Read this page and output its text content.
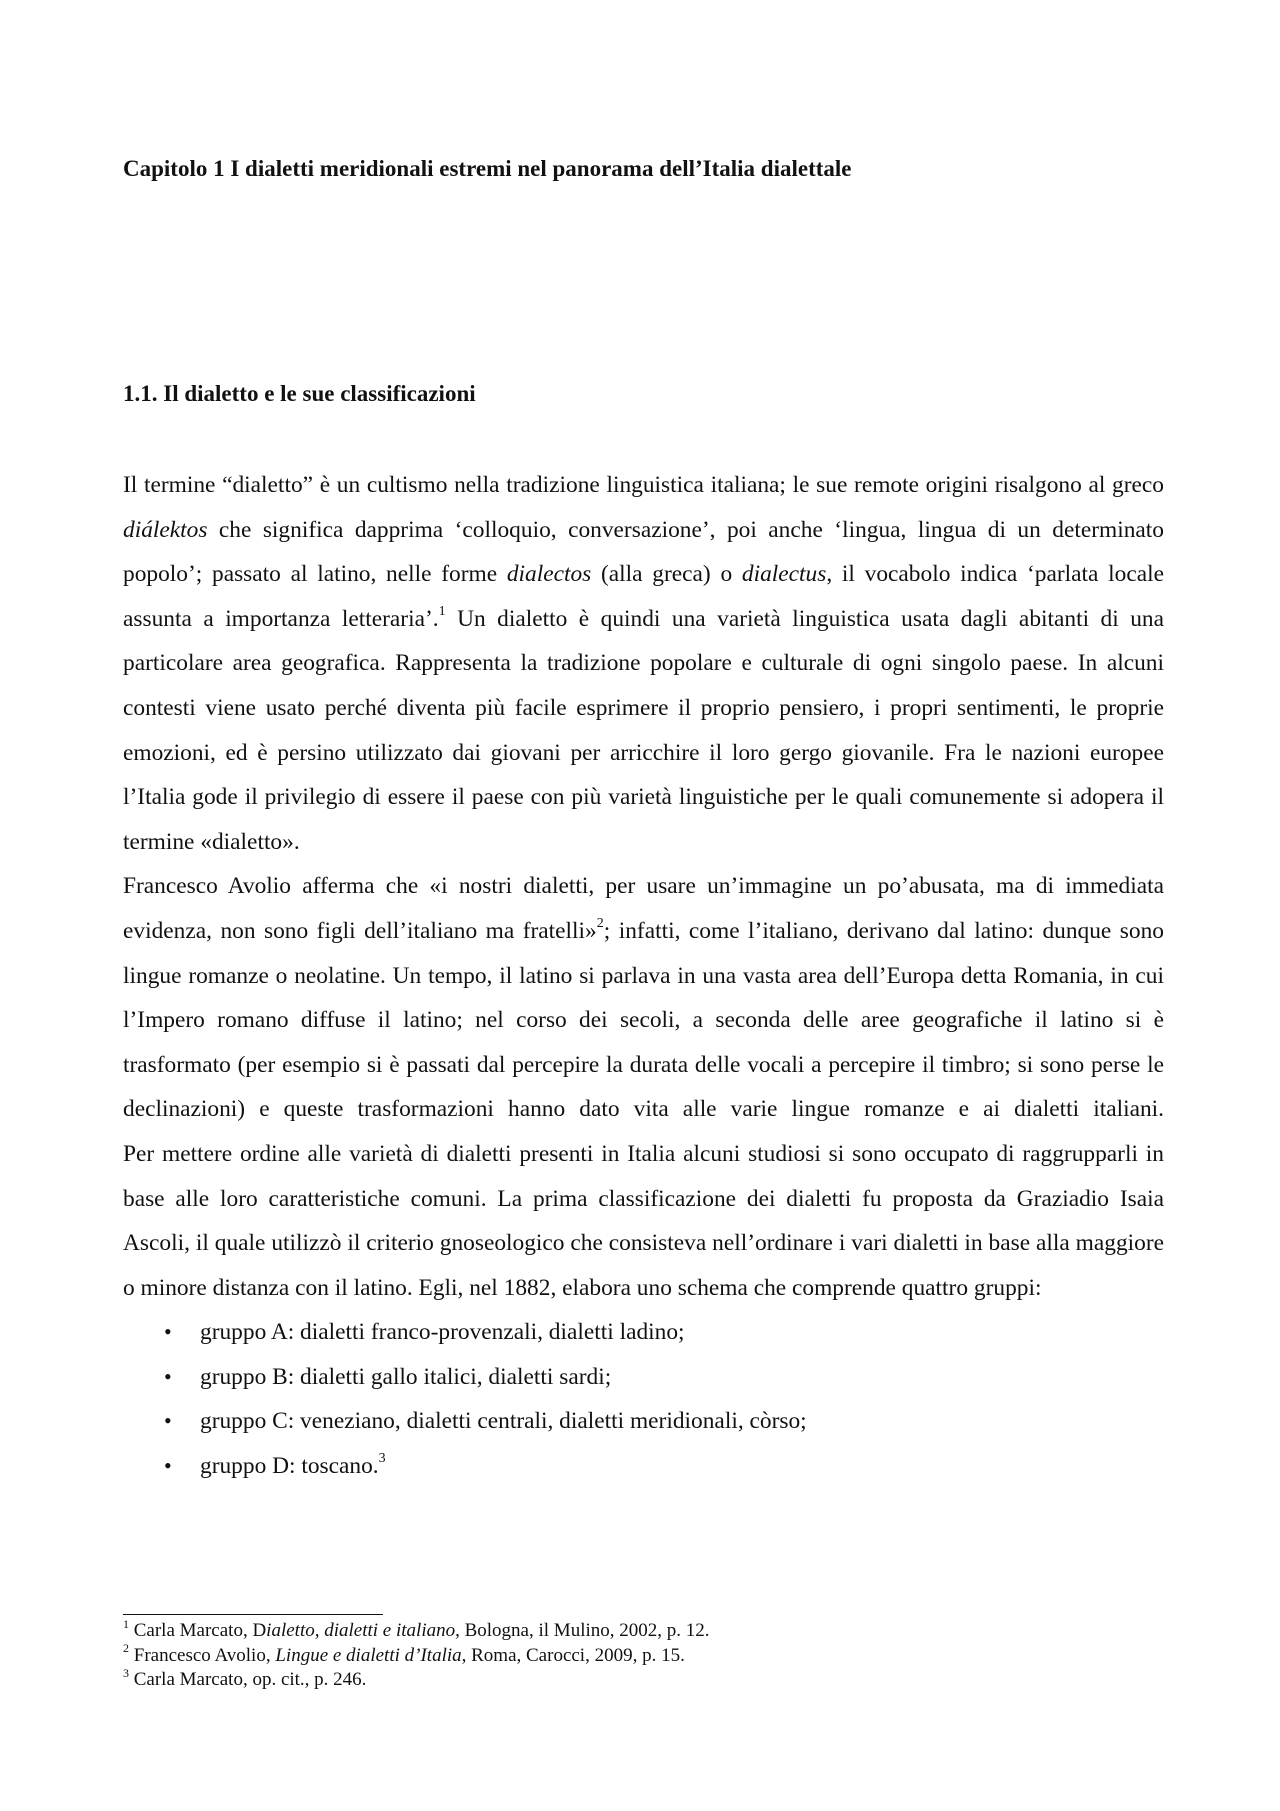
Capitolo 1 I dialetti meridionali estremi nel panorama dell’Italia dialettale
1.1. Il dialetto e le sue classificazioni

Il termine “dialetto” è un cultismo nella tradizione linguistica italiana; le sue remote origini risalgono al greco diálektos che significa dapprima ‘colloquio, conversazione’, poi anche ‘lingua, lingua di un determinato popolo’; passato al latino, nelle forme dialectos (alla greca) o dialectus, il vocabolo indica ‘parlata locale assunta a importanza letteraria’.$^1$ Un dialetto è quindi una varietà linguistica usata dagli abitanti di una particolare area geografica. Rappresenta la tradizione popolare e culturale di ogni singolo paese. In alcuni contesti viene usato perché diventa più facile esprimere il proprio pensiero, i propri sentimenti, le proprie emozioni, ed è persino utilizzato dai giovani per arricchire il loro gergo giovanile. Fra le nazioni europee l’Italia gode il privilegio di essere il paese con più varietà linguistiche per le quali comunemente si adopera il termine «dialetto».

Francesco Avolio afferma che «i nostri dialetti, per usare un’immagine un po’abusata, ma di immediata evidenza, non sono figli dell’italiano ma fratelli»$^2$; infatti, come l’italiano, derivano dal latino: dunque sono lingue romanze o neolatine. Un tempo, il latino si parlava in una vasta area dell’Europa detta Romania, in cui l’Impero romano diffuse il latino; nel corso dei secoli, a seconda delle aree geografiche il latino si è trasformato (per esempio si è passati dal percepire la durata delle vocali a percepire il timbro; si sono perse le declinazioni) e queste trasformazioni hanno dato vita alle varie lingue romanze e ai dialetti italiani.

Per mettere ordine alle varietà di dialetti presenti in Italia alcuni studiosi si sono occupato di raggrupparli in base alle loro caratteristiche comuni. La prima classificazione dei dialetti fu proposta da Graziadio Isaia Ascoli, il quale utilizzò il criterio gnoseologico che consisteva nell’ordinare i vari dialetti in base alla maggiore o minore distanza con il latino. Egli, nel 1882, elabora uno schema che comprende quattro gruppi:

• gruppo A: dialetti franco-provenzali, dialetti ladino;
• gruppo B: dialetti gallo italici, dialetti sardi;
• gruppo C: veneziano, dialetti centrali, dialetti meridionali, còrso;
• gruppo D: toscano.$^3$

$^1$ Carla Marcato, Dialetto, dialetti e italiano, Bologna, il Mulino, 2002, p. 12.

$^2$ Francesco Avolio, Lingue e dialetti d’Italia, Roma, Carocci, 2009, p. 15.

$^3$ Carla Marcato, op. cit., p. 246.
